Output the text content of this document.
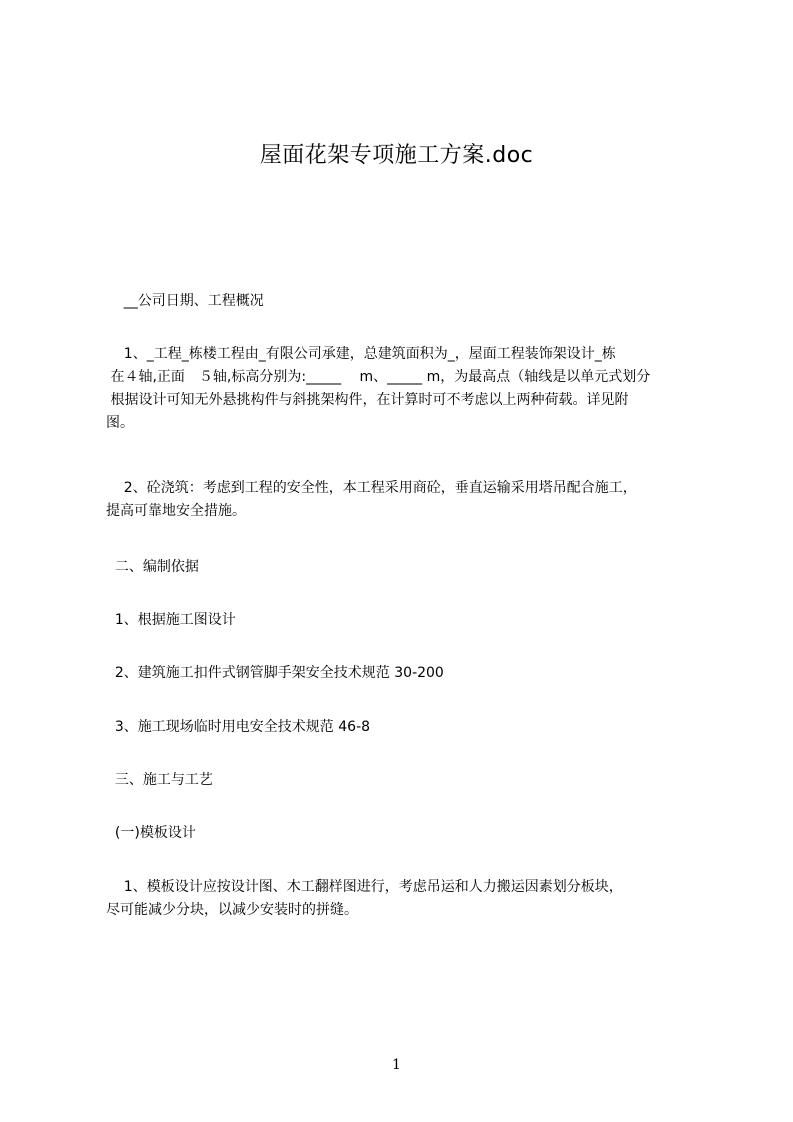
屋面花架专项施工方案.doc
__公司日期、工程概况
1、_工程_栋楼工程由_有限公司承建，总建筑面积为_，屋面工程装饰架设计_栋
在４轴,正面　５轴,标高分别为:_____　 m、_____ m，为最高点（轴线是以单元式划分
根据设计可知无外悬挑构件与斜挑架构件，在计算时可不考虑以上两种荷载。详见附
图。
2、砼浇筑：考虑到工程的安全性，本工程采用商砼，垂直运输采用塔吊配合施工，
提高可靠地安全措施。
二、编制依据
1、根据施工图设计
2、建筑施工扣件式钢管脚手架安全技术规范 30-200
3、施工现场临时用电安全技术规范 46-8
三、施工与工艺
(一)模板设计
1、模板设计应按设计图、木工翻样图进行，考虑吊运和人力搬运因素划分板块，
尽可能减少分块，以减少安装时的拼缝。
1
